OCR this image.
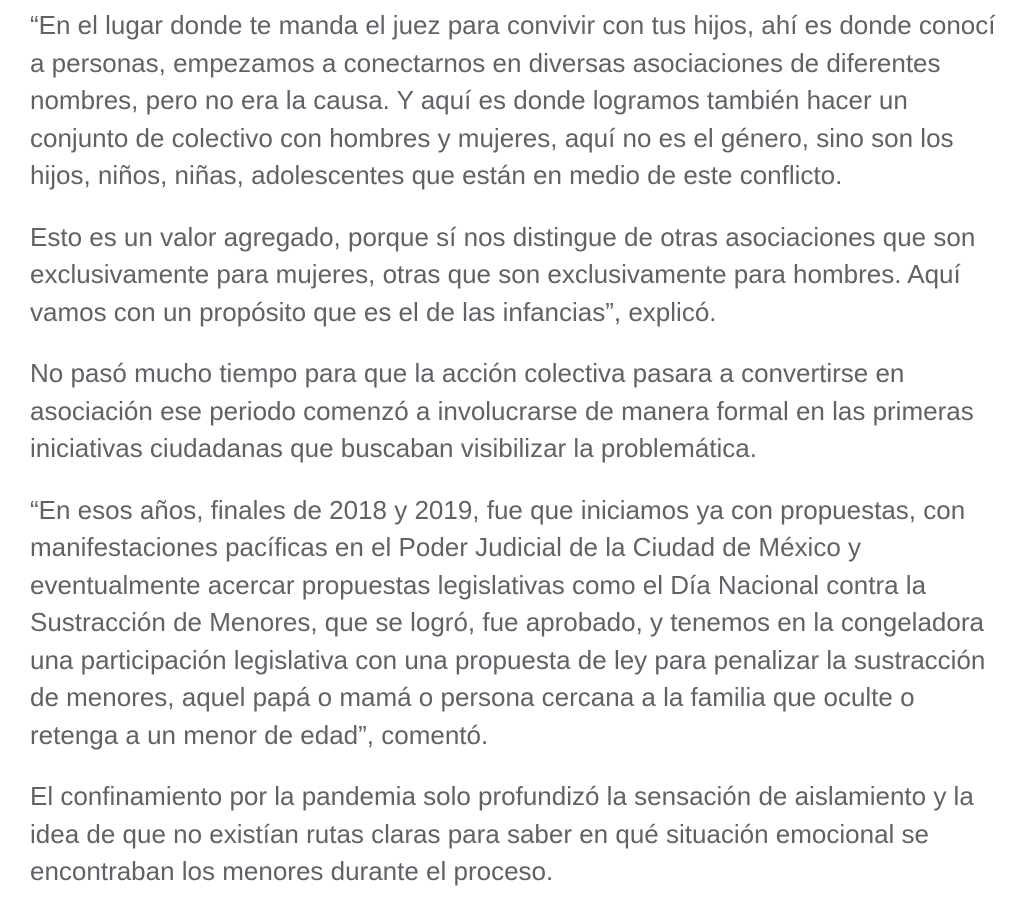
“En el lugar donde te manda el juez para convivir con tus hijos, ahí es donde conocí
a personas, empezamos a conectarnos en diversas asociaciones de diferentes
nombres, pero no era la causa. Y aquí es donde logramos también hacer un
conjunto de colectivo con hombres y mujeres, aquí no es el género, sino son los
hijos, niños, niñas, adolescentes que están en medio de este conflicto.

Esto es un valor agregado, porque sí nos distingue de otras asociaciones que son
exclusivamente para mujeres, otras que son exclusivamente para hombres. Aquí
vamos con un propósito que es el de las infancias”, explicó.

No pasó mucho tiempo para que la acción colectiva pasara a convertirse en
asociación ese periodo comenzó a involucrarse de manera formal en las primeras
iniciativas ciudadanas que buscaban visibilizar la problemática.

“En esos años, finales de 2018 y 2019, fue que iniciamos ya con propuestas, con
manifestaciones pacíficas en el Poder Judicial de la Ciudad de México y
eventualmente acercar propuestas legislativas como el Día Nacional contra la
Sustracción de Menores, que se logró, fue aprobado, y tenemos en la congeladora
una participación legislativa con una propuesta de ley para penalizar la sustracción
de menores, aquel papá o mamá o persona cercana a la familia que oculte o
retenga a un menor de edad”, comentó.

El confinamiento por la pandemia solo profundizó la sensación de aislamiento y la
idea de que no existían rutas claras para saber en qué situación emocional se
encontraban los menores durante el proceso.
